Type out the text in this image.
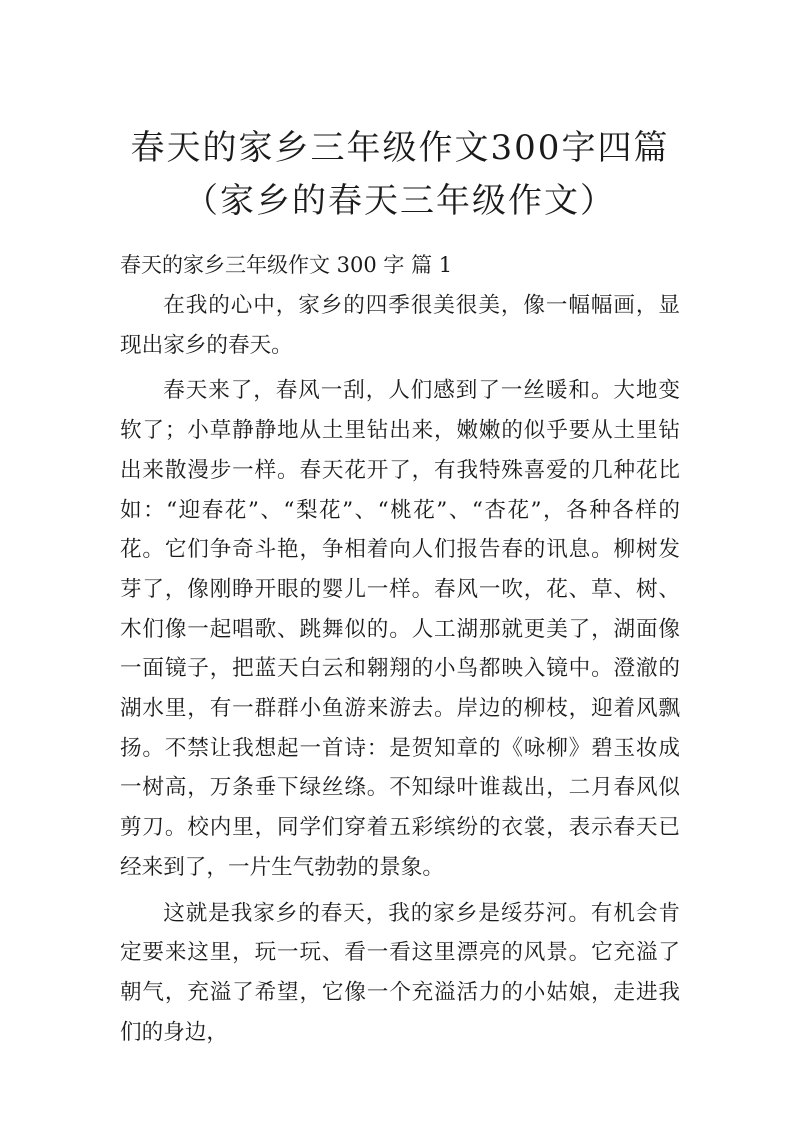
春天的家乡三年级作文300字四篇（家乡的春天三年级作文）
春天的家乡三年级作文 300 字 篇 1

在我的心中，家乡的四季很美很美，像一幅幅画，显现出家乡的春天。

春天来了，春风一刮，人们感到了一丝暖和。大地变软了；小草静静地从土里钻出来，嫩嫩的似乎要从土里钻出来散漫步一样。春天花开了，有我特殊喜爱的几种花比如：“迎春花”、“梨花”、“桃花”、“杏花”，各种各样的花。它们争奇斗艳，争相着向人们报告春的讯息。柳树发芽了，像刚睁开眼的婴儿一样。春风一吹，花、草、树、木们像一起唱歌、跳舞似的。人工湖那就更美了，湖面像一面镜子，把蓝天白云和翱翔的小鸟都映入镜中。澄澈的湖水里，有一群群小鱼游来游去。岸边的柳枝，迎着风飘扬。不禁让我想起一首诗：是贺知章的《咏柳》碧玉妆成一树高，万条垂下绿丝绦。不知绿叶谁裁出，二月春风似剪刀。校内里，同学们穿着五彩缤纷的衣裳，表示春天已经来到了，一片生气勃勃的景象。

这就是我家乡的春天，我的家乡是绥芬河。有机会肯定要来这里，玩一玩、看一看这里漂亮的风景。它充溢了朝气，充溢了希望，它像一个充溢活力的小姑娘，走进我们的身边，
